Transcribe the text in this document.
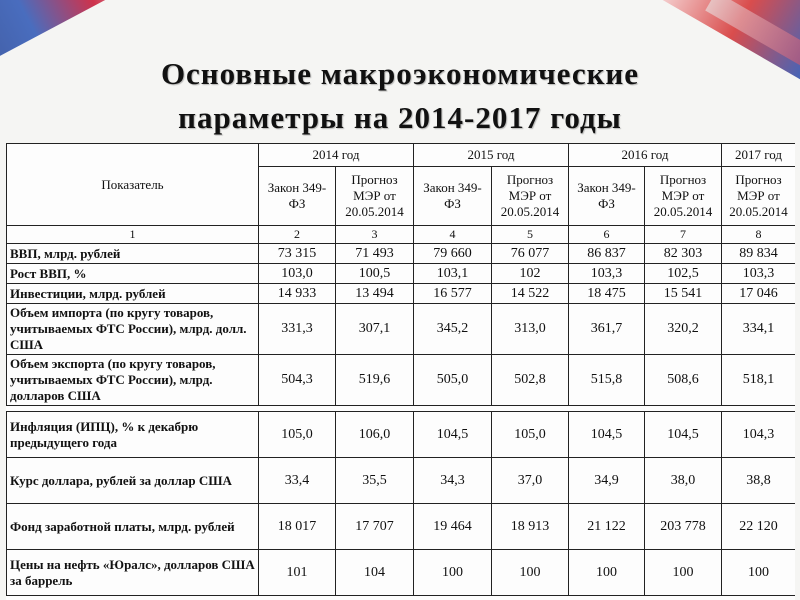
Основные макроэкономические
параметры на 2014-2017 годы
Показатель	2014 год		2015 год		2016 год		2017 год
	Закон 349-ФЗ	Прогноз МЭР от 20.05.2014	Закон 349-ФЗ	Прогноз МЭР от 20.05.2014	Закон 349-ФЗ	Прогноз МЭР от 20.05.2014	Прогноз МЭР от 20.05.2014
1	2	3	4	5	6	7	8
ВВП, млрд. рублей	73 315	71 493	79 660	76 077	86 837	82 303	89 834
Рост ВВП, %	103,0	100,5	103,1	102	103,3	102,5	103,3
Инвестиции, млрд. рублей	14 933	13 494	16 577	14 522	18 475	15 541	17 046
Объем импорта (по кругу товаров, учитываемых ФТС России), млрд. долл. США	331,3	307,1	345,2	313,0	361,7	320,2	334,1
Объем экспорта (по кругу товаров, учитываемых ФТС России), млрд. долларов США	504,3	519,6	505,0	502,8	515,8	508,6	518,1

Инфляция (ИПЦ), % к декабрю предыдущего года	105,0	106,0	104,5	105,0	104,5	104,5	104,3
Курс доллара, рублей за доллар США	33,4	35,5	34,3	37,0	34,9	38,0	38,8
Фонд заработной платы, млрд. рублей	18 017	17 707	19 464	18 913	21 122	203 778	22 120
Цены на нефть «Юралс», долларов США за баррель	101	104	100	100	100	100	100
